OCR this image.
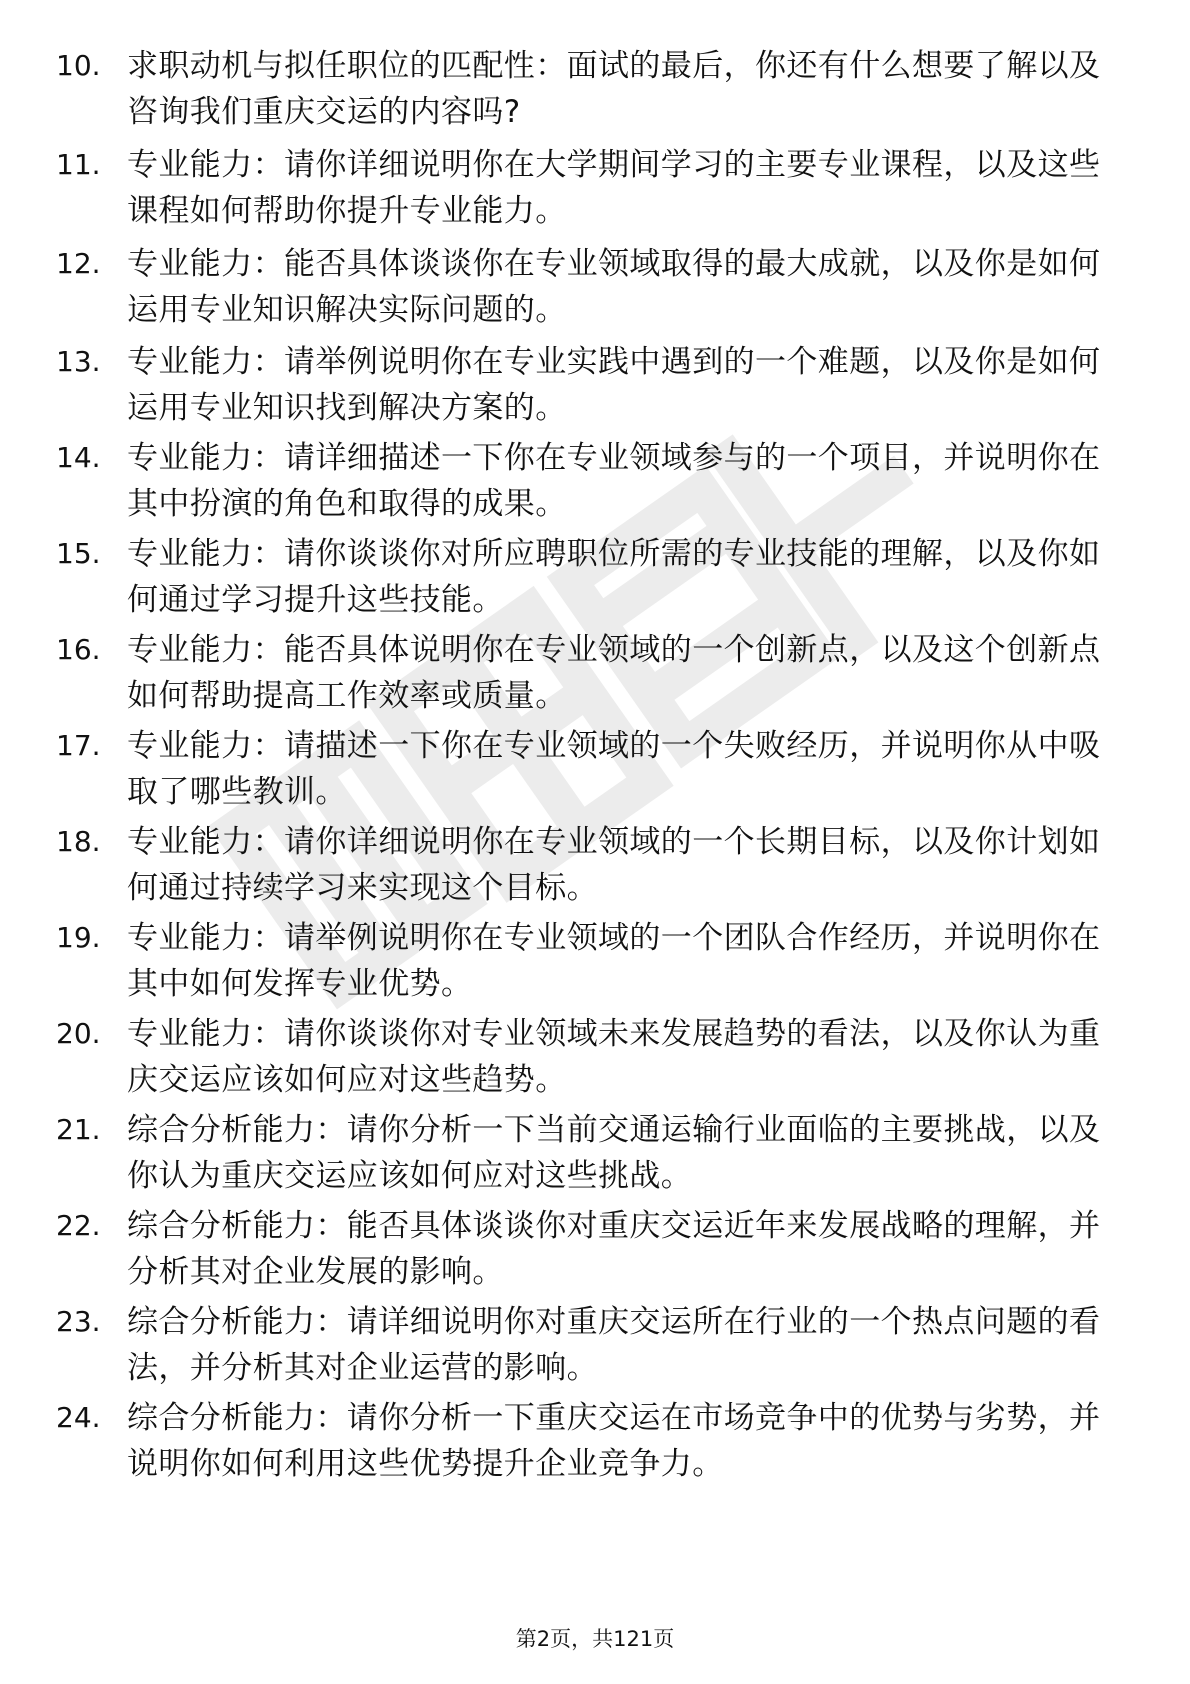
10. 求职动机与拟任职位的匹配性：面试的最后，你还有什么想要了解以及咨询我们重庆交运的内容吗?
11. 专业能力：请你详细说明你在大学期间学习的主要专业课程，以及这些课程如何帮助你提升专业能力。
12. 专业能力：能否具体谈谈你在专业领域取得的最大成就，以及你是如何运用专业知识解决实际问题的。
13. 专业能力：请举例说明你在专业实践中遇到的一个难题，以及你是如何运用专业知识找到解决方案的。
14. 专业能力：请详细描述一下你在专业领域参与的一个项目，并说明你在其中扮演的角色和取得的成果。
15. 专业能力：请你谈谈你对所应聘职位所需的专业技能的理解，以及你如何通过学习提升这些技能。
16. 专业能力：能否具体说明你在专业领域的一个创新点，以及这个创新点如何帮助提高工作效率或质量。
17. 专业能力：请描述一下你在专业领域的一个失败经历，并说明你从中吸取了哪些教训。
18. 专业能力：请你详细说明你在专业领域的一个长期目标，以及你计划如何通过持续学习来实现这个目标。
19. 专业能力：请举例说明你在专业领域的一个团队合作经历，并说明你在其中如何发挥专业优势。
20. 专业能力：请你谈谈你对专业领域未来发展趋势的看法，以及你认为重庆交运应该如何应对这些趋势。
21. 综合分析能力：请你分析一下当前交通运输行业面临的主要挑战，以及你认为重庆交运应该如何应对这些挑战。
22. 综合分析能力：能否具体谈谈你对重庆交运近年来发展战略的理解，并分析其对企业发展的影响。
23. 综合分析能力：请详细说明你对重庆交运所在行业的一个热点问题的看法，并分析其对企业运营的影响。
24. 综合分析能力：请你分析一下重庆交运在市场竞争中的优势与劣势，并说明你如何利用这些优势提升企业竞争力。
第2页，共121页
